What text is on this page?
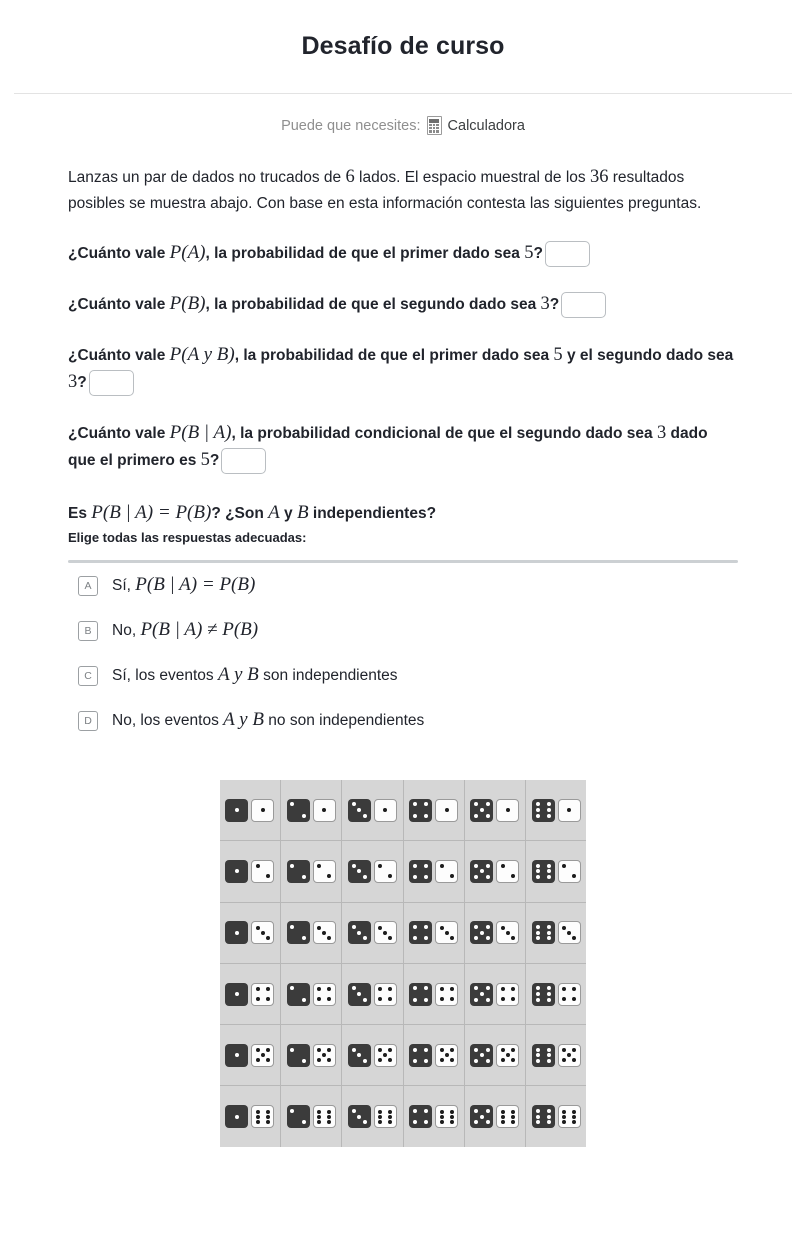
Desafío de curso
Puede que necesites: Calculadora

Lanzas un par de dados no trucados de 6 lados. El espacio muestral de los 36 resultados posibles se muestra abajo. Con base en esta información contesta las siguientes preguntas.

¿Cuánto vale P(A), la probabilidad de que el primer dado sea 5?

¿Cuánto vale P(B), la probabilidad de que el segundo dado sea 3?

¿Cuánto vale P(A y B), la probabilidad de que el primer dado sea 5 y el segundo dado sea 3?

¿Cuánto vale P(B | A), la probabilidad condicional de que el segundo dado sea 3 dado que el primero es 5?

Es P(B | A) = P(B)? ¿Son A y B independientes?

Elige todas las respuestas adecuadas:
A	Sí, P(B | A) = P(B)
B	No, P(B | A) ≠ P(B)
C	Sí, los eventos A y B son independientes
D	No, los eventos A y B no son independientes
